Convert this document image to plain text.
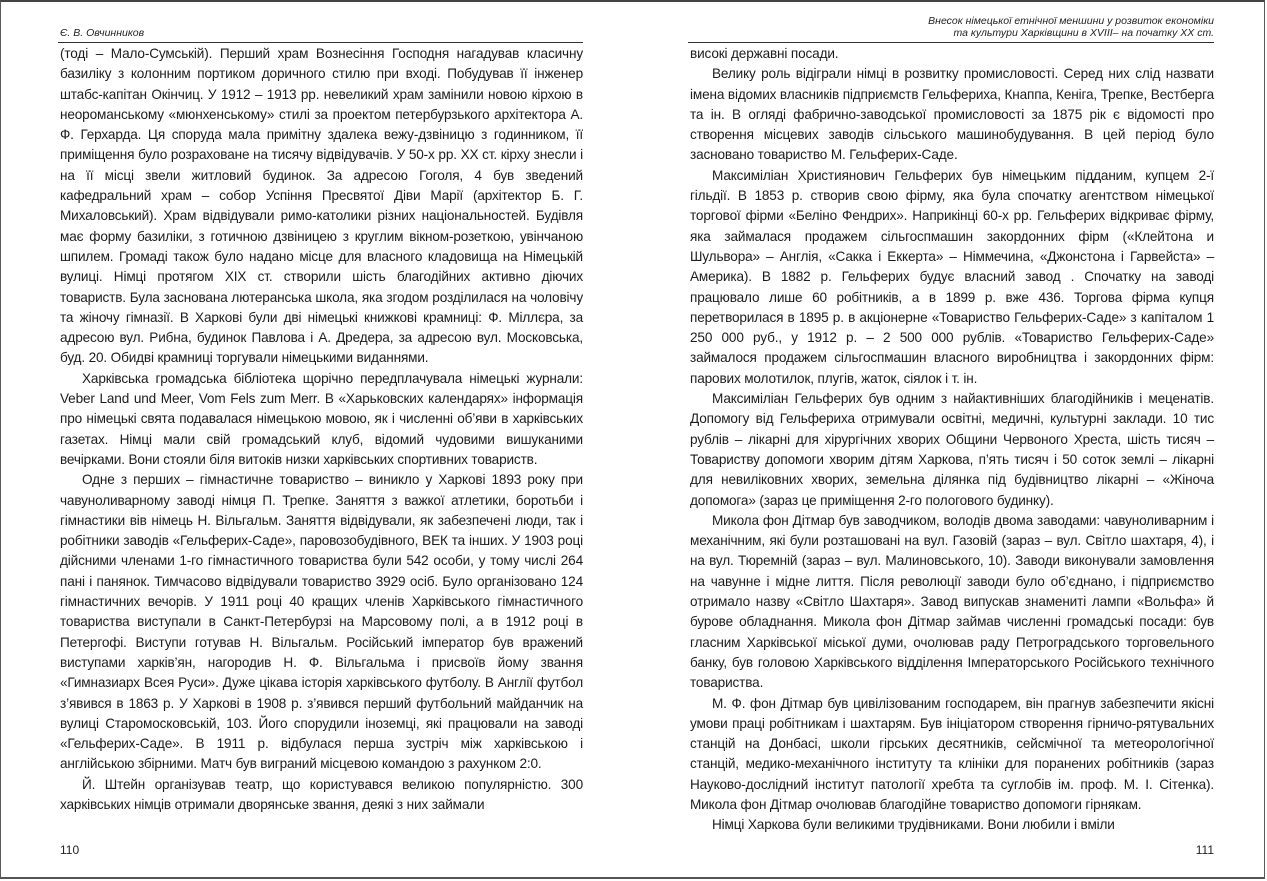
Є. В. Овчинников

(тоді – Мало-Сумській). Перший храм Вознесіння Господня нагадував класичну базиліку з колонним портиком доричного стилю при вході. Побудував її інженер штабс-капітан Окінчиц. У 1912 – 1913 рр. невеликий храм замінили новою кірхою в неороманському «мюнхенському» стилі за проектом петербурзького архітектора А. Ф. Герхарда. Ця споруда мала примітну здалека вежу-дзвіницю з годинником, її приміщення було розраховане на тисячу відвідувачів. У 50-х рр. ХХ ст. кірху знесли і на її місці звели житловий будинок. За адресою Гоголя, 4 був зведений кафедральний храм – собор Успіння Пресвятої Діви Марії (архітектор Б. Г. Михаловський). Храм відвідували римо-католики різних національностей. Будівля має форму базиліки, з готичною дзвіницею з круглим вікном-розеткою, увінчаною шпилем. Громаді також було надано місце для власного кладовища на Німецькій вулиці. Німці протягом XIX ст. створили шість благодійних активно діючих товариств. Була заснована лютеранська школа, яка згодом розділилася на чоловічу та жіночу гімназії. В Харкові були дві німецькі книжкові крамниці: Ф. Міллєра, за адресою вул. Рибна, будинок Павлова і А. Дредера, за адресою вул. Московська, буд. 20. Обидві крамниці торгували німецькими виданнями.

Харківська громадська бібліотека щорічно передплачувала німецькі журнали: Veber Land und Meer, Vom Fels zum Merr. В «Харьковских календарях» інформація про німецькі свята подавалася німецькою мовою, як і численні об’яви в харківських газетах. Німці мали свій громадський клуб, відомий чудовими вишуканими вечірками. Вони стояли біля витоків низки харківських спортивних товариств.

Одне з перших – гімнастичне товариство – виникло у Харкові 1893 року при чавуноливарному заводі німця П. Трепке. Заняття з важкої атлетики, боротьби і гімнастики вів німець Н. Вільгальм. Заняття відвідували, як забезпечені люди, так і робітники заводів «Гельферих-Саде», паровозобудівного, ВЕК та інших. У 1903 році дійсними членами 1-го гімнастичного товариства були 542 особи, у тому числі 264 пані і панянок. Тимчасово відвідували товариство 3929 осіб. Було організовано 124 гімнастичних вечорів. У 1911 році 40 кращих членів Харківського гімнастичного товариства виступали в Санкт-Петербурзі на Марсовому полі, а в 1912 році в Петергофі. Виступи готував Н. Вільгальм. Російський імператор був вражений виступами харків’ян, нагородив Н. Ф. Вільгальма і присвоїв йому звання «Гимназиарх Всея Руси». Дуже цікава історія харківського футболу. В Англії футбол з’явився в 1863 р. У Харкові в 1908 р. з’явився перший футбольний майданчик на вулиці Старомосковській, 103. Його спорудили іноземці, які працювали на заводі «Гельферих-Саде». В 1911 р. відбулася перша зустріч між харківською і англійською збірними. Матч був виграний місцевою командою з рахунком 2:0.

Й. Штейн організував театр, що користувався великою популярністю. 300 харківських німців отримали дворянське звання, деякі з них займали

110
Внесок німецької етнічної меншини у розвиток економіки
та культури Харківщини в XVIII– на початку ХХ ст.

високі державні посади.

Велику роль відіграли німці в розвитку промисловості. Серед них слід назвати імена відомих власників підприємств Гельфериха, Кнаппа, Кеніга, Трепке, Вестберга та ін. В огляді фабрично-заводської промисловості за 1875 рік є відомості про створення місцевих заводів сільського машинобудування. В цей період було засновано товариство М. Гельферих-Саде.

Максиміліан Християнович Гельферих був німецьким підданим, купцем 2-ї гільдії. В 1853 р. створив свою фірму, яка була спочатку агентством німецької торгової фірми «Беліно Фендрих». Наприкінці 60-х рр. Гельферих відкриває фірму, яка займалася продажем сільгоспмашин закордонних фірм («Клейтона и Шульвора» – Англія, «Сакка і Еккерта» – Німмечина, «Джонстона і Гарвейста» – Америка). В 1882 р. Гельферих будує власний завод . Спочатку на заводі працювало лише 60 робітників, а в 1899 р. вже 436. Торгова фірма купця перетворилася в 1895 р. в акціонерне «Товариство Гельферих-Саде» з капіталом 1 250 000 руб., у 1912 р. – 2 500 000 рублів. «Товариство Гельферих-Саде» займалося продажем сільгоспмашин власного виробництва і закордонних фірм: парових молотилок, плугів, жаток, сіялок і т. ін.

Максиміліан Гельферих був одним з найактивніших благодійників і меценатів. Допомогу від Гельфериха отримували освітні, медичні, культурні заклади. 10 тис рублів – лікарні для хірургічних хворих Общини Червоного Хреста, шість тисяч – Товариству допомоги хворим дітям Харкова, п’ять тисяч і 50 соток землі – лікарні для невиліковних хворих, земельна ділянка під будівництво лікарні – «Жіноча допомога» (зараз це приміщення 2-го пологового будинку).

Микола фон Дітмар був заводчиком, володів двома заводами: чавуноливарним і механічним, які були розташовані на вул. Газовій (зараз – вул. Світло шахтаря, 4), і на вул. Тюремній (зараз – вул. Малиновського, 10). Заводи виконували замовлення на чавунне і мідне лиття. Після революції заводи було об’єднано, і підприємство отримало назву «Світло Шахтаря». Завод випускав знамениті лампи «Вольфа» й бурове обладнання. Микола фон Дітмар займав численні громадські посади: був гласним Харківської міської думи, очолював раду Петроградського торговельного банку, був головою Харківського відділення Імператорського Російського технічного товариства.

М. Ф. фон Дітмар був цивілізованим господарем, він прагнув забезпечити якісні умови праці робітникам і шахтарям. Був ініціатором створення гірничо-рятувальних станцій на Донбасі, школи гірських десятників, сейсмічної та метеорологічної станцій, медико-механічного інституту та клініки для поранених робітників (зараз Науково-дослідний інститут патології хребта та суглобів ім. проф. М. І. Сітенка). Микола фон Дітмар очолював благодійне товариство допомоги гірнякам.

Німці Харкова були великими трудівниками. Вони любили і вміли

111
